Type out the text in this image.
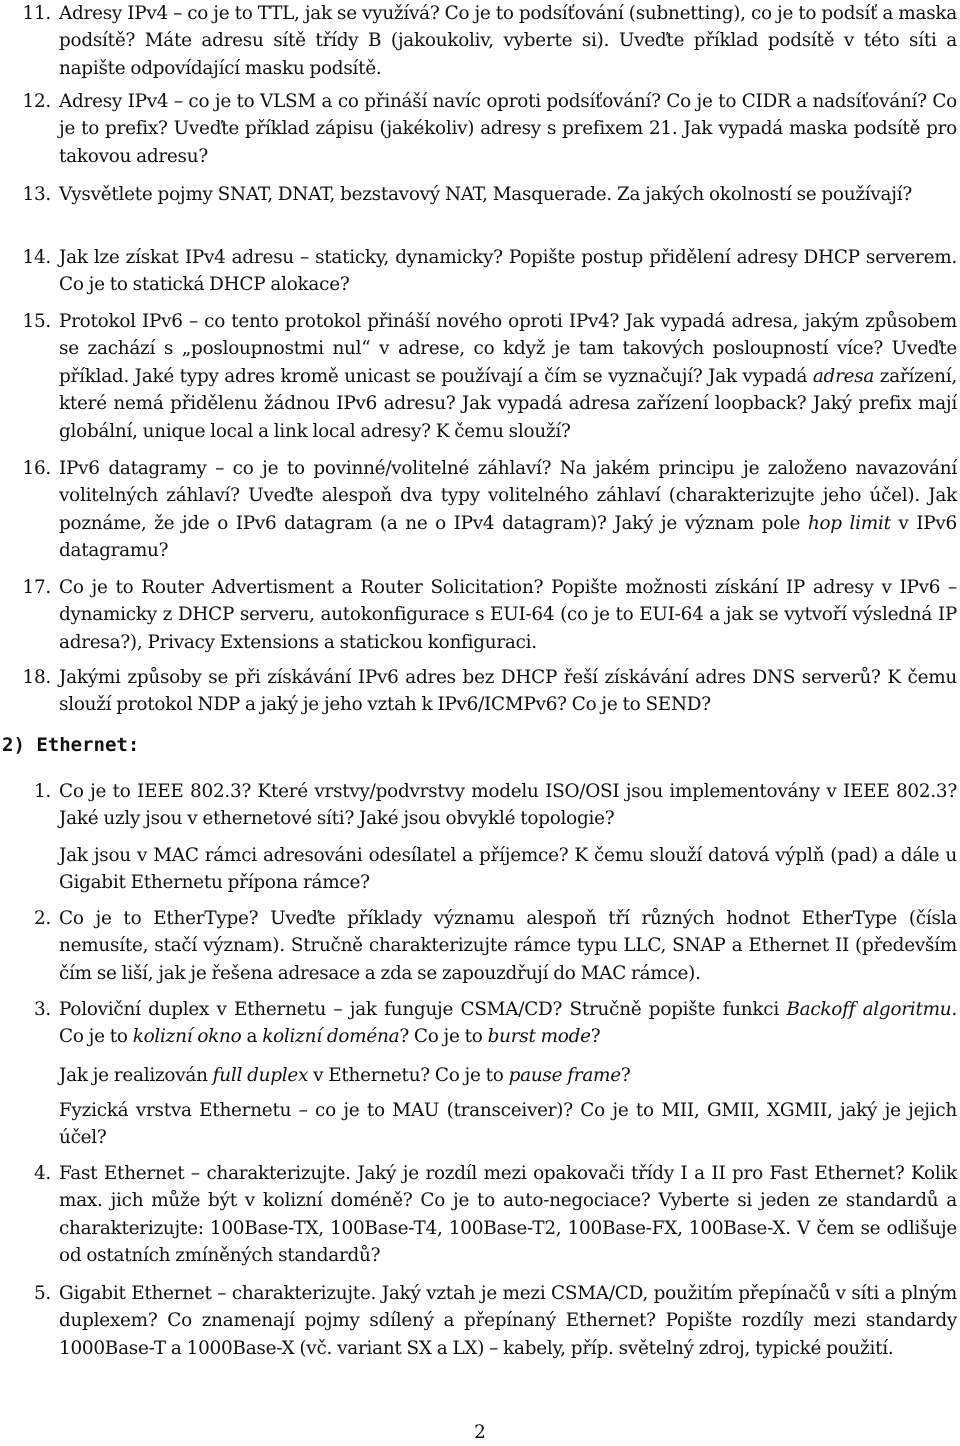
11. Adresy IPv4 – co je to TTL, jak se využívá? Co je to podsíťování (subnetting), co je to podsíť a maska podsítě? Máte adresu sítě třídy B (jakoukoliv, vyberte si). Uveďte příklad podsítě v této síti a napište odpovídající masku podsítě.
12. Adresy IPv4 – co je to VLSM a co přináší navíc oproti podsíťování? Co je to CIDR a nadsíťování? Co je to prefix? Uveďte příklad zápisu (jakékoliv) adresy s prefixem 21. Jak vypadá maska podsítě pro takovou adresu?
13. Vysvětlete pojmy SNAT, DNAT, bezstavový NAT, Masquerade. Za jakých okolností se používají?
14. Jak lze získat IPv4 adresu – staticky, dynamicky? Popište postup přidělení adresy DHCP serverem. Co je to statická DHCP alokace?
15. Protokol IPv6 – co tento protokol přináší nového oproti IPv4? Jak vypadá adresa, jakým způsobem se zachází s „posloupnostmi nul“ v adrese, co když je tam takových posloupností více? Uveďte příklad. Jaké typy adres kromě unicast se používají a čím se vyznačují? Jak vypadá adresa zařízení, které nemá přidělenu žádnou IPv6 adresu? Jak vypadá adresa zařízení loopback? Jaký prefix mají globální, unique local a link local adresy? K čemu slouží?
16. IPv6 datagramy – co je to povinné/volitelné záhlaví? Na jakém principu je založeno navazování volitelných záhlaví? Uveďte alespoň dva typy volitelného záhlaví (charakterizujte jeho účel). Jak poznáme, že jde o IPv6 datagram (a ne o IPv4 datagram)? Jaký je význam pole hop limit v IPv6 datagramu?
17. Co je to Router Advertisment a Router Solicitation? Popište možnosti získání IP adresy v IPv6 – dynamicky z DHCP serveru, autokonfigurace s EUI-64 (co je to EUI-64 a jak se vytvoří výsledná IP adresa?), Privacy Extensions a statickou konfiguraci.
18. Jakými způsoby se při získávání IPv6 adres bez DHCP řeší získávání adres DNS serverů? K čemu slouží protokol NDP a jaký je jeho vztah k IPv6/ICMPv6? Co je to SEND?
2) Ethernet:
1. Co je to IEEE 802.3? Které vrstvy/podvrstvy modelu ISO/OSI jsou implementovány v IEEE 802.3? Jaké uzly jsou v ethernetové síti? Jaké jsou obvyklé topologie?
Jak jsou v MAC rámci adresováni odesílatel a příjemce? K čemu slouží datová výplň (pad) a dále u Gigabit Ethernetu přípona rámce?
2. Co je to EtherType? Uveďte příklady významu alespoň tří různých hodnot EtherType (čísla nemusíte, stačí význam). Stručně charakterizujte rámce typu LLC, SNAP a Ethernet II (především čím se liší, jak je řešena adresace a zda se zapouzdřují do MAC rámce).
3. Poloviční duplex v Ethernetu – jak funguje CSMA/CD? Stručně popište funkci Backoff algoritmu. Co je to kolizní okno a kolizní doména? Co je to burst mode?
Jak je realizován full duplex v Ethernetu? Co je to pause frame?
Fyzická vrstva Ethernetu – co je to MAU (transceiver)? Co je to MII, GMII, XGMII, jaký je jejich účel?
4. Fast Ethernet – charakterizujte. Jaký je rozdíl mezi opakovači třídy I a II pro Fast Ethernet? Kolik max. jich může být v kolizní doméně? Co je to auto-negociace? Vyberte si jeden ze standardů a charakterizujte: 100Base-TX, 100Base-T4, 100Base-T2, 100Base-FX, 100Base-X. V čem se odlišuje od ostatních zmíněných standardů?
5. Gigabit Ethernet – charakterizujte. Jaký vztah je mezi CSMA/CD, použitím přepínačů v síti a plným duplexem? Co znamenají pojmy sdílený a přepínaný Ethernet? Popište rozdíly mezi standardy 1000Base-T a 1000Base-X (vč. variant SX a LX) – kabely, příp. světelný zdroj, typické použití.
2
